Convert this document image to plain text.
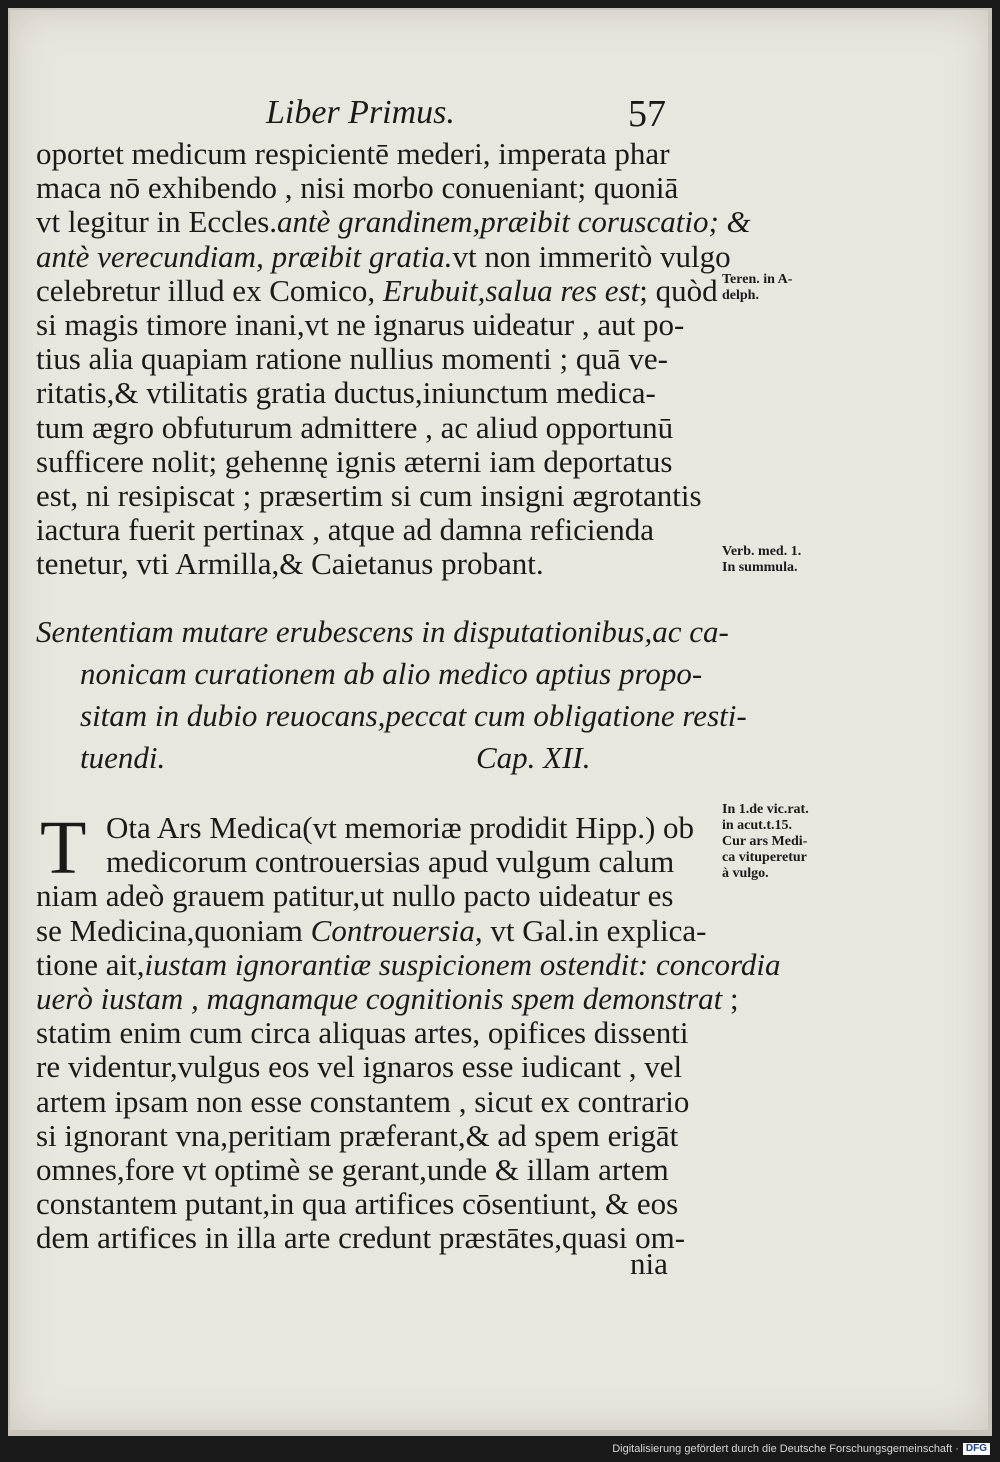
Liber Primus.	57
oportet medicum respicientē mederi, imperata phar
maca nō exhibendo , nisi morbo conueniant; quoniā
vt legitur in Eccles.antè grandinem,præibit coruscatio; &
antè verecundiam, præibit gratia.vt non immeritò vulgo
celebretur illud ex Comico, Erubuit,salua res est; quòd
si magis timore inani,vt ne ignarus uideatur , aut po-
tius alia quapiam ratione nullius momenti ; quā ve-
ritatis,& vtilitatis gratia ductus,iniunctum medica-
tum ægro obfuturum admittere , ac aliud opportunū
sufficere nolit; gehennę ignis æterni iam deportatus
est, ni resipiscat ; præsertim si cum insigni ægrotantis
iactura fuerit pertinax , atque ad damna reficienda
tenetur, vti Armilla,& Caietanus probant.
Sententiam mutare erubescens in disputationibus,ac ca-
nonicam curationem ab alio medico aptius propo-
sitam in dubio reuocans,peccat cum obligatione resti-
tuendi.	Cap. XII.
T Ota Ars Medica(vt memoriæ prodidit Hipp.) ob
medicorum controuersias apud vulgum calum
niam adeò grauem patitur,ut nullo pacto uideatur es
se Medicina,quoniam Controuersia, vt Gal.in explica-
tione ait,iustam ignorantiæ suspicionem ostendit: concordia
uerò iustam , magnamque cognitionis spem demonstrat ;
statim enim cum circa aliquas artes, opifices dissenti
re videntur,vulgus eos vel ignaros esse iudicant , vel
artem ipsam non esse constantem , sicut ex contrario
si ignorant vna,peritiam præferant,& ad spem erigāt
omnes,fore vt optimè se gerant,unde & illam artem
constantem putant,in qua artifices cōsentiunt, & eos
dem artifices in illa arte credunt præstātes,quasi om-
nia
Teren. in A-
delph.
Verb. med. 1.
In summula.
In 1.de vic.rat.
in acut.t.15.
Cur ars Medi-
ca vituperetur
à vulgo.
Digitalisierung gefördert durch die Deutsche Forschungsgemeinschaft · DFG
